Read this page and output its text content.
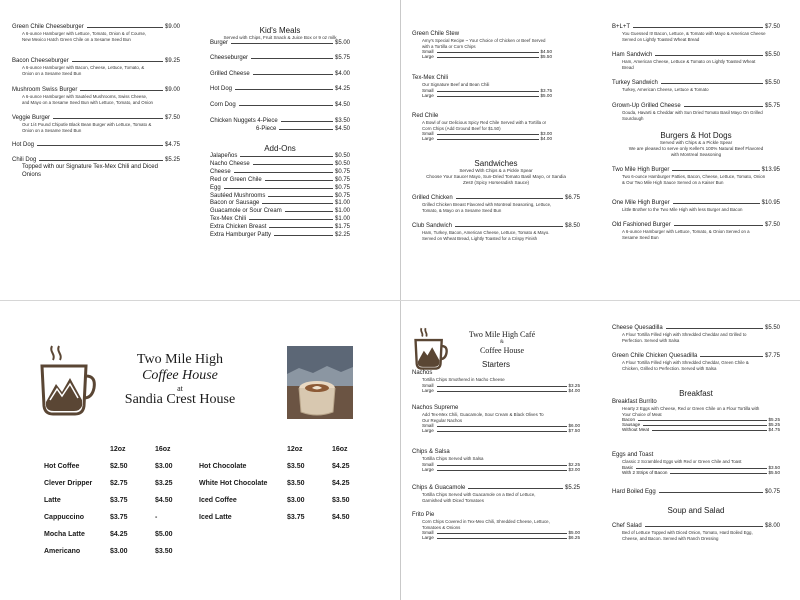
Kid's Meals
Served with Chips, Fruit Snack & Juice Box or 9 oz milk
Add-Ons
Green Chile Stew
Amy's Special Recipe ~ Your Choice of Chicken or Beef Served with a Tortilla or Corn Chips
Small	$4.50
Large	$5.50
Tex-Mex Chili
Our Signature Beef and Bean Chili
Small	$3.75
Large	$5.00
Red Chile
A Bowl of our Delicious Spicy Red Chile Served with a Tortilla or Corn Chips (Add Ground Beef for $1.50)
Small	$3.00
Large	$4.00
Sandwiches
Served With Chips & a Pickle Spear
Choose Your Sauce! Mayo, Sun-Dried Tomato Basil Mayo, or Sandia Zest! (Spicy Horseradish Sauce)
Grilled Chicken	$6.75
Grilled Chicken Breast Flavored with Montreal Seasoning, Lettuce, Tomato, & Mayo on a Sesame Seed Bun
Club Sandwich	$8.50
Ham, Turkey, Bacon, American Cheese, Lettuce, Tomato & Mayo. Served on Wheat Bread, Lightly Toasted for a Crispy Finish
Burgers & Hot Dogs
Served with Chips & a Pickle Spear
We are pleased to serve only Keller's 100% Natural Beef Flavored with Montreal Seasoning
Two Mile High
Coffee House
at
Sandia Crest House
12oz	16oz
Hot Coffee	$2.50	$3.00
Clever Dripper	$2.75	$3.25
Latte	$3.75	$4.50
Cappuccino	$3.75	-
Mocha Latte	$4.25	$5.00
Americano	$3.00	$3.50
12oz	16oz
Hot Chocolate	$3.50	$4.25
White Hot Chocolate	$3.50	$4.25
Iced Coffee	$3.00	$3.50
Iced Latte	$3.75	$4.50
Two Mile High Café
&
Coffee House
Starters
Green Chile Cheeseburger	$9.00
A 6-ounce Hamburger with Lettuce, Tomato, Onion & of Course, New Mexico Hatch Green Chile on a Sesame Seed Bun
Bacon Cheeseburger	$9.25
A 6-ounce Hamburger with Bacon, Cheese, Lettuce, Tomato, & Onion on a Sesame Seed Bun
Mushroom Swiss Burger	$9.00
A 6-ounce Hamburger with Sautéed Mushrooms, Swiss Cheese, and Mayo on a Sesame Seed Bun with Lettuce, Tomato, and Onion
Veggie Burger	$7.50
Our 1/4 Pound Chipotle Black Bean Burger with Lettuce, Tomato & Onion on a Sesame Seed Bun
Hot Dog	$4.75
Chili Dog	$5.25
Topped with our Signature Tex-Mex Chili and Diced Onions
Burger	$5.00
Cheeseburger	$5.75
Grilled Cheese	$4.00
Hot Dog	$4.25
Corn Dog	$4.50
Chicken Nuggets 4-Piece	$3.50
6-Piece	$4.50
Jalapeños	$0.50
Nacho Cheese	$0.50
Cheese	$0.75
Red or Green Chile	$0.75
Egg	$0.75
Sautéed Mushrooms	$0.75
Bacon or Sausage	$1.00
Guacamole or Sour Cream	$1.00
Tex-Mex Chili	$1.00
Extra Chicken Breast	$1.75
Extra Hamburger Patty	$2.25
B+L+T	$7.50
You Guessed It! Bacon, Lettuce, & Tomato with Mayo & American Cheese Served on Lightly Toasted Wheat Bread
Ham Sandwich	$5.50
Ham, American Cheese, Lettuce & Tomato on Lightly Toasted Wheat Bread
Turkey Sandwich	$5.50
Turkey, American Cheese, Lettuce & Tomato
Grown-Up Grilled Cheese	$5.75
Gouda, Havarti & Cheddar with Sun Dried Tomato Basil Mayo On Grilled Sourdough
Two Mile High Burger	$13.95
Two 6-ounce Hamburger Patties, Bacon, Cheese, Lettuce, Tomato, Onion & Our Two Mile High Sauce Served on a Kaiser Bun
One Mile High Burger	$10.95
Little Brother to the Two Mile High with less Burger and Bacon
Old Fashioned Burger	$7.50
A 6-ounce Hamburger with Lettuce, Tomato, & Onion Served on a Sesame Seed Bun
Nachos
Tortilla Chips Smothered in Nacho Cheese
Small	$3.25
Large	$4.00
Nachos Supreme
Add Tex-Mex Chili, Guacamole, Sour Cream & Black Olives To Our Regular Nachos
Small	$6.00
Large	$7.50
Chips & Salsa
Tortilla Chips Served with Salsa
Small	$2.25
Large	$3.00
Chips & Guacamole	$5.25
Tortilla Chips Served with Guacamole on a Bed of Lettuce, Garnished with Diced Tomatoes
Frito Pie
Corn Chips Covered in Tex-Mex Chili, Shredded Cheese, Lettuce, Tomatoes & Onions
Small	$5.00
Large	$6.25
Cheese Quesadilla	$5.50
A Flour Tortilla Filled High with Shredded Cheddar and Grilled to Perfection. Served with Salsa
Green Chile Chicken Quesadilla	$7.75
A Flour Tortilla Filled High with Shredded Cheddar, Green Chile & Chicken, Grilled to Perfection. Served with Salsa
Breakfast
Breakfast Burrito
Hearty 2 Eggs with Cheese, Red or Green Chile on a Flour Tortilla with Your Choice of Meat
Bacon	$5.25
Sausage	$5.25
Without Meat	$4.75
Eggs and Toast
Classic 2 Scrambled Eggs with Red or Green Chile and Toast
Basic	$3.50
With 2 Strips of Bacon	$5.50
Hard Boiled Egg	$0.75
Soup and Salad
Chef Salad	$8.00
Bed of Lettuce Topped with Diced Onion, Tomato, Hard Boiled Egg, Cheese, and Bacon. Served with Ranch Dressing
